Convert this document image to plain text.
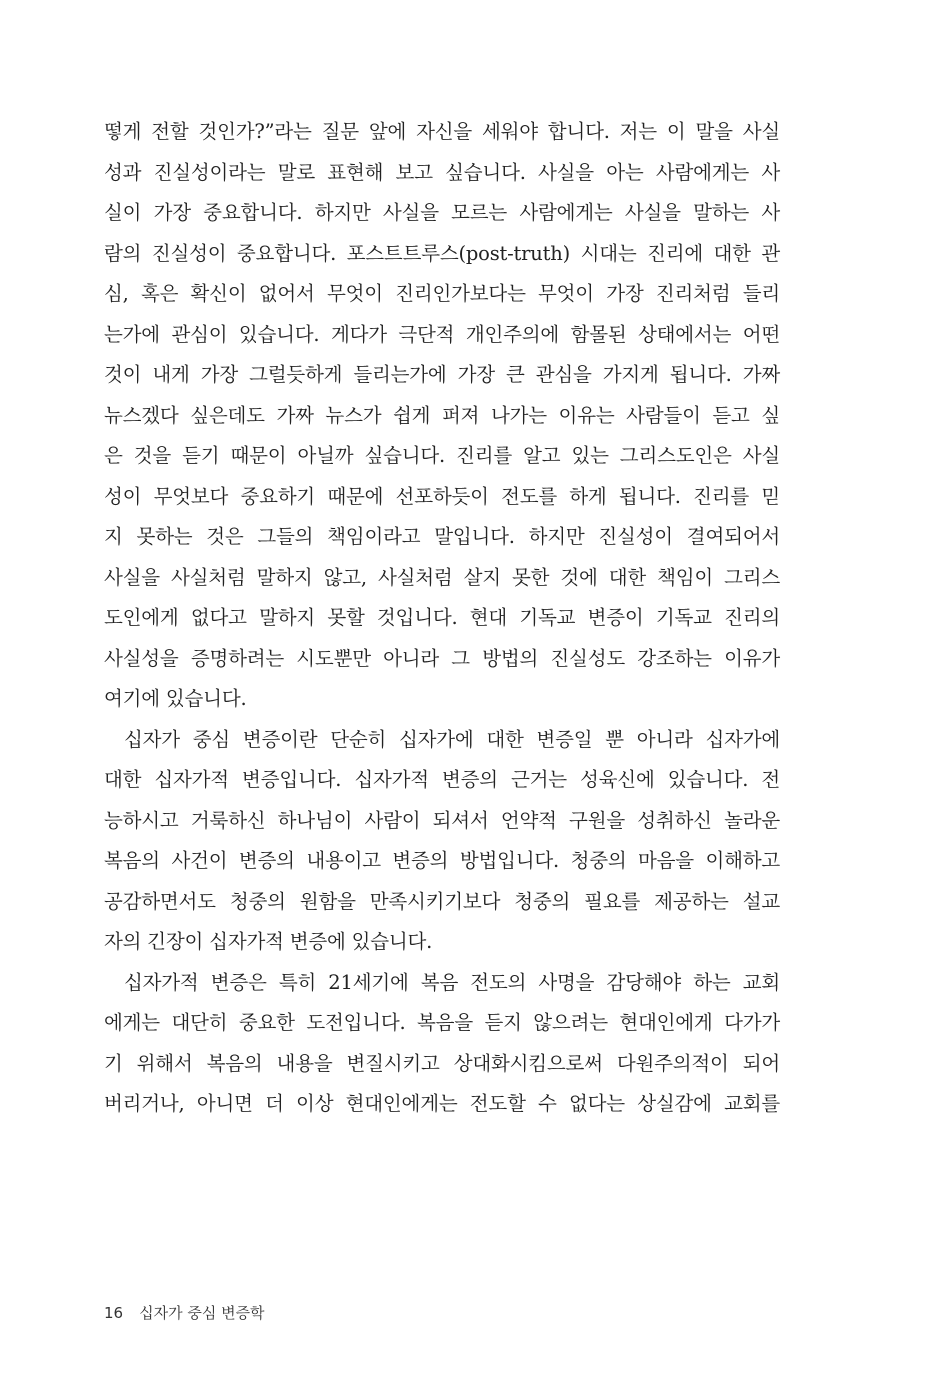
떻게 전할 것인가?”라는 질문 앞에 자신을 세워야 합니다. 저는 이 말을 사실
성과 진실성이라는 말로 표현해 보고 싶습니다. 사실을 아는 사람에게는 사
실이 가장 중요합니다. 하지만 사실을 모르는 사람에게는 사실을 말하는 사
람의 진실성이 중요합니다. 포스트트루스(post-truth) 시대는 진리에 대한 관
심, 혹은 확신이 없어서 무엇이 진리인가보다는 무엇이 가장 진리처럼 들리
는가에 관심이 있습니다. 게다가 극단적 개인주의에 함몰된 상태에서는 어떤
것이 내게 가장 그럴듯하게 들리는가에 가장 큰 관심을 가지게 됩니다. 가짜
뉴스겠다 싶은데도 가짜 뉴스가 쉽게 퍼져 나가는 이유는 사람들이 듣고 싶
은 것을 듣기 때문이 아닐까 싶습니다. 진리를 알고 있는 그리스도인은 사실
성이 무엇보다 중요하기 때문에 선포하듯이 전도를 하게 됩니다. 진리를 믿
지 못하는 것은 그들의 책임이라고 말입니다. 하지만 진실성이 결여되어서
사실을 사실처럼 말하지 않고, 사실처럼 살지 못한 것에 대한 책임이 그리스
도인에게 없다고 말하지 못할 것입니다. 현대 기독교 변증이 기독교 진리의
사실성을 증명하려는 시도뿐만 아니라 그 방법의 진실성도 강조하는 이유가
여기에 있습니다.
십자가 중심 변증이란 단순히 십자가에 대한 변증일 뿐 아니라 십자가에
대한 십자가적 변증입니다. 십자가적 변증의 근거는 성육신에 있습니다. 전
능하시고 거룩하신 하나님이 사람이 되셔서 언약적 구원을 성취하신 놀라운
복음의 사건이 변증의 내용이고 변증의 방법입니다. 청중의 마음을 이해하고
공감하면서도 청중의 원함을 만족시키기보다 청중의 필요를 제공하는 설교
자의 긴장이 십자가적 변증에 있습니다.
십자가적 변증은 특히 21세기에 복음 전도의 사명을 감당해야 하는 교회
에게는 대단히 중요한 도전입니다. 복음을 듣지 않으려는 현대인에게 다가가
기 위해서 복음의 내용을 변질시키고 상대화시킴으로써 다원주의적이 되어
버리거나, 아니면 더 이상 현대인에게는 전도할 수 없다는 상실감에 교회를
16 십자가 중심 변증학
